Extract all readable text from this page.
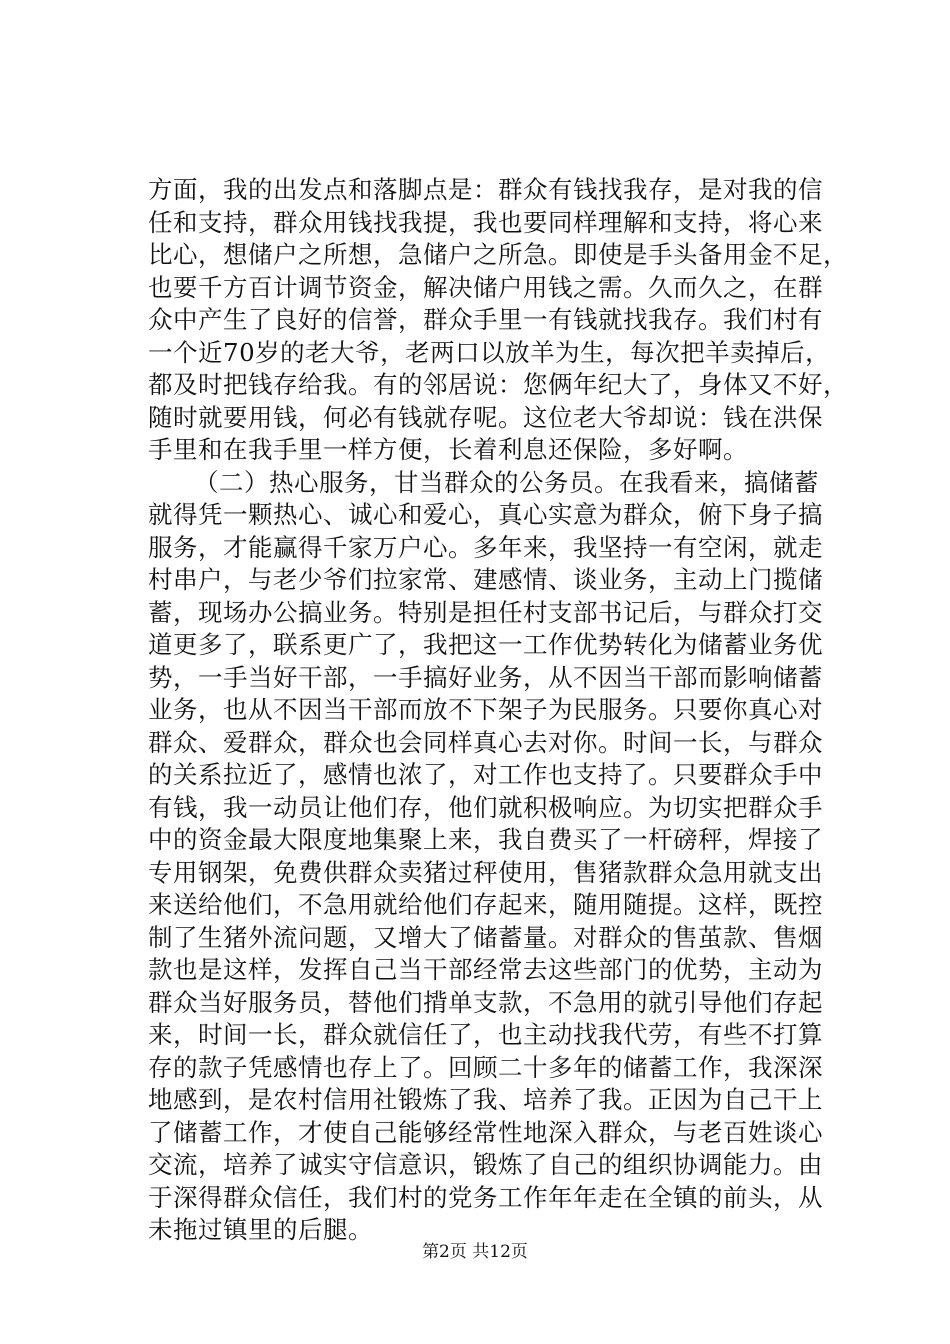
方面，我的出发点和落脚点是：群众有钱找我存，是对我的信
任和支持，群众用钱找我提，我也要同样理解和支持，将心来
比心，想储户之所想，急储户之所急。即使是手头备用金不足，
也要千方百计调节资金，解决储户用钱之需。久而久之，在群
众中产生了良好的信誉，群众手里一有钱就找我存。我们村有
一个近70岁的老大爷，老两口以放羊为生，每次把羊卖掉后，
都及时把钱存给我。有的邻居说：您俩年纪大了，身体又不好，
随时就要用钱，何必有钱就存呢。这位老大爷却说：钱在洪保
手里和在我手里一样方便，长着利息还保险，多好啊。
（二）热心服务，甘当群众的公务员。在我看来，搞储蓄
就得凭一颗热心、诚心和爱心，真心实意为群众，俯下身子搞
服务，才能赢得千家万户心。多年来，我坚持一有空闲，就走
村串户，与老少爷们拉家常、建感情、谈业务，主动上门揽储
蓄，现场办公搞业务。特别是担任村支部书记后，与群众打交
道更多了，联系更广了，我把这一工作优势转化为储蓄业务优
势，一手当好干部，一手搞好业务，从不因当干部而影响储蓄
业务，也从不因当干部而放不下架子为民服务。只要你真心对
群众、爱群众，群众也会同样真心去对你。时间一长，与群众
的关系拉近了，感情也浓了，对工作也支持了。只要群众手中
有钱，我一动员让他们存，他们就积极响应。为切实把群众手
中的资金最大限度地集聚上来，我自费买了一杆磅秤，焊接了
专用钢架，免费供群众卖猪过秤使用，售猪款群众急用就支出
来送给他们，不急用就给他们存起来，随用随提。这样，既控
制了生猪外流问题，又增大了储蓄量。对群众的售茧款、售烟
款也是这样，发挥自己当干部经常去这些部门的优势，主动为
群众当好服务员，替他们揹单支款，不急用的就引导他们存起
来，时间一长，群众就信任了，也主动找我代劳，有些不打算
存的款子凭感情也存上了。回顾二十多年的储蓄工作，我深深
地感到，是农村信用社锻炼了我、培养了我。正因为自己干上
了储蓄工作，才使自己能够经常性地深入群众，与老百姓谈心
交流，培养了诚实守信意识，锻炼了自己的组织协调能力。由
于深得群众信任，我们村的党务工作年年走在全镇的前头，从
未拖过镇里的后腿。
第2页 共12页
